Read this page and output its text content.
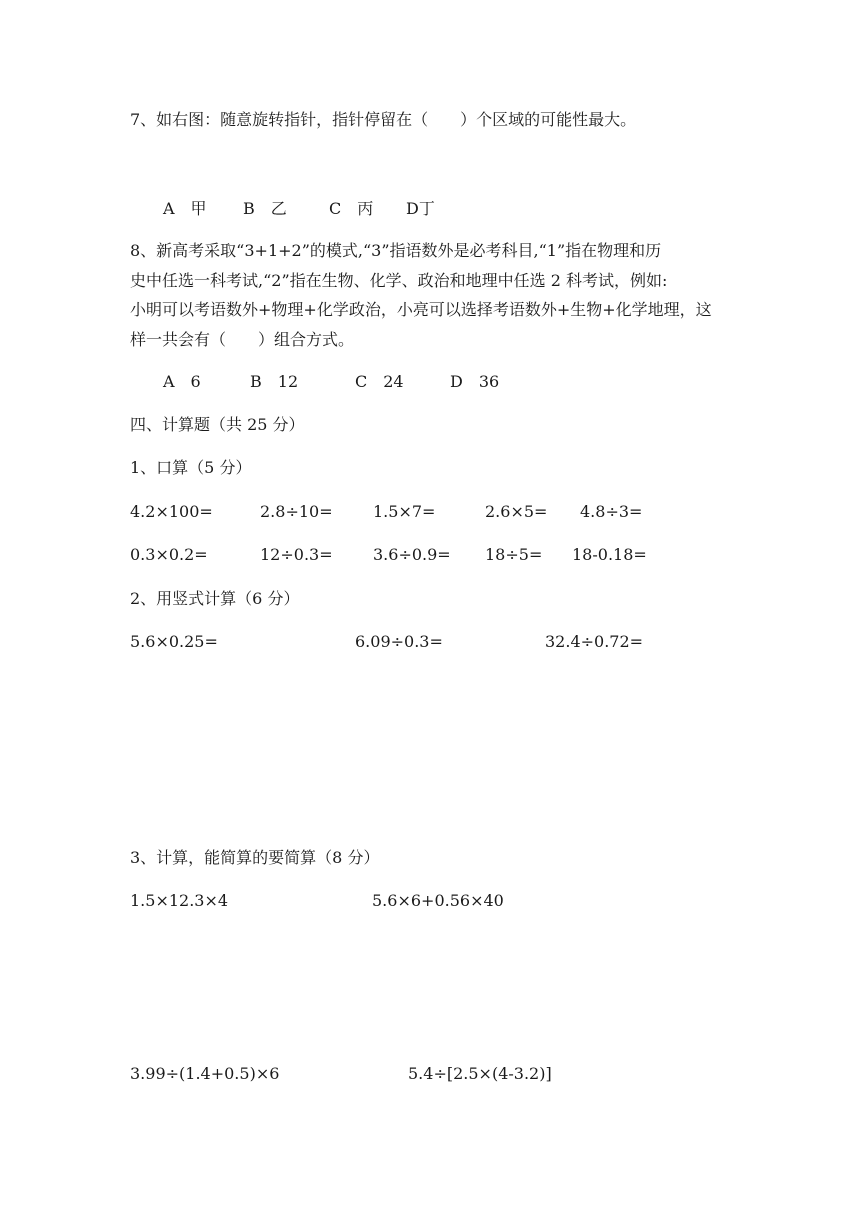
7、如右图：随意旋转指针，指针停留在（　　）个区域的可能性最大。
A　甲 B　乙	C　丙 D丁
8、新高考采取“3+1+2”的模式,“3”指语数外是必考科目,“1”指在物理和历
史中任选一科考试,“2”指在生物、化学、政治和地理中任选 2 科考试，例如:
小明可以考语数外+物理+化学政治，小亮可以选择考语数外+生物+化学地理，这
样一共会有（　　）组合方式。
A　6	B　12	C　24	D　36
四、计算题（共 25 分）
1、口算（5 分）
4.2×100=	2.8÷10=	1.5×7=	2.6×5= 4.8÷3=
0.3×0.2=	12÷0.3=	3.6÷0.9= 18÷5= 18-0.18=
2、用竖式计算（6 分）
5.6×0.25=	6.09÷0.3=	32.4÷0.72=
3、计算，能简算的要简算（8 分）
1.5×12.3×4	5.6×6+0.56×40
3.99÷(1.4+0.5)×6	5.4÷[2.5×(4-3.2)]
